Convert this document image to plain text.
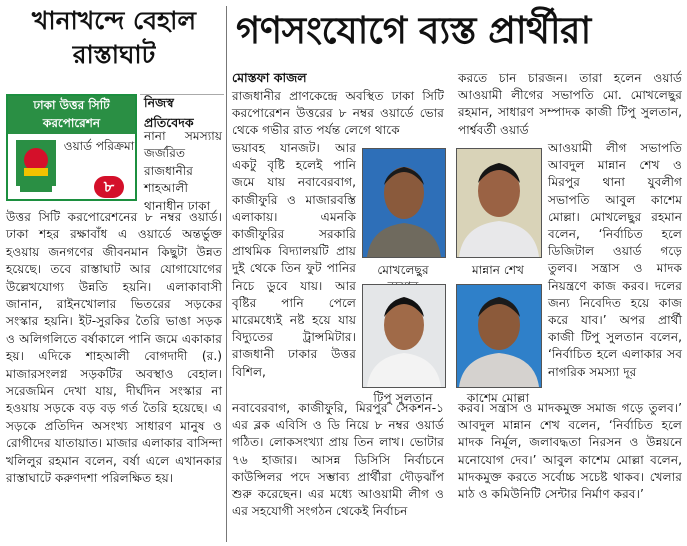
খানাখন্দে বেহাল
রাস্তাঘাট
ঢাকা উত্তর সিটি করপোরেশন
ওয়ার্ড পরিক্রমা
৮
নিজস্ব প্রতিবেদক
নানা সমস্যায় জর্জরিত রাজধানীর শাহআলী থানাধীন ঢাকা
উত্তর সিটি করপোরেশনের ৮ নম্বর ওয়ার্ড। ঢাকা শহর রক্ষাবাঁধ এ ওয়ার্ডে অন্তর্ভুক্ত হওয়ায় জনগণের জীবনমান কিছুটা উন্নত হয়েছে। তবে রাস্তাঘাট আর যোগাযোগের উল্লেখযোগ্য উন্নতি হয়নি। এলাকাবাসী জানান, রাইনখোলার ভিতরের সড়কের সংস্কার হয়নি। ইট-সুরকির তৈরি ভাঙা সড়ক ও অলিগলিতে বর্ষাকালে পানি জমে একাকার হয়। এদিকে শাহআলী বোগদাদী (র.) মাজারসংলগ্ন সড়কটির অবস্থাও বেহাল। সরেজমিন দেখা যায়, দীর্ঘদিন সংস্কার না হওয়ায় সড়কে বড় বড় গর্ত তৈরি হয়েছে। এ সড়কে প্রতিদিন অসংখ্য সাধারণ মানুষ ও রোগীদের যাতায়াত। মাজার এলাকার বাসিন্দা খলিলুর রহমান বলেন, বর্ষা এলে এখানকার রাস্তাঘাটে করুণদশা পরিলক্ষিত হয়।
গণসংযোগে ব্যস্ত প্রার্থীরা
মোস্তফা কাজল
রাজধানীর প্রাণকেন্দ্রে অবস্থিত ঢাকা সিটি করপোরেশন উত্তরের ৮ নম্বর ওয়ার্ডে ভোর থেকে গভীর রাত পর্যন্ত লেগে থাকে
ভয়াবহ যানজট। আর একটু বৃষ্টি হলেই পানি জমে যায় নবাবেরবাগ, কাজীফুরি ও মাজারবস্তি এলাকায়। এমনকি কাজীফুরির সরকারি প্রাথমিক বিদ্যালয়টি প্রায় দুই থেকে তিন ফুট পানির নিচে ডুবে যায়। আর বৃষ্টির পানি পেলে মারেমধ্যেই নষ্ট হয়ে যায় বিদ্যুতের ট্রান্সমিটার। রাজধানী ঢাকার উত্তর বিশিল,
নবাবেরবাগ, কাজীফুরি, মিরপুর সেকশন-১ এর ব্লক এবিসি ও ডি নিয়ে ৮ নম্বর ওয়ার্ড গঠিত। লোকসংখ্যা প্রায় তিন লাখ। ভোটার ৭৬ হাজার। আসন্ন ডিসিসি নির্বাচনে কাউন্সিলর পদে সম্ভাব্য প্রার্থীরা দৌড়ঝাঁপ শুরু করেছেন। এর মধ্যে আওয়ামী লীগ ও এর সহযোগী সংগঠন থেকেই নির্বাচন
করতে চান চারজন। তারা হলেন ওয়ার্ড আওয়ামী লীগের সভাপতি মো. মোখলেছুর রহমান, সাধারণ সম্পাদক কাজী টিপু সুলতান, পার্শ্ববর্তী ওয়ার্ড
আওয়ামী লীগ সভাপতি আবদুল মান্নান শেখ ও মিরপুর থানা যুবলীগ সভাপতি আবুল কাশেম মোল্লা। মোখলেছুর রহমান বলেন, ‘নির্বাচিত হলে ডিজিটাল ওয়ার্ড গড়ে তুলব। সন্ত্রাস ও মাদক নিয়ন্ত্রণে কাজ করব। দলের জন্য নিবেদিত হয়ে কাজ করে যাব।’ অপর প্রার্থী কাজী টিপু সুলতান বলেন, ‘নির্বাচিত হলে এলাকার সব নাগরিক সমস্যা দূর
করব। সন্ত্রাস ও মাদকমুক্ত সমাজ গড়ে তুলব।’ আবদুল মান্নান শেখ বলেন, ‘নির্বাচিত হলে মাদক নির্মূল, জলাবদ্ধতা নিরসন ও উন্নয়নে মনোযোগ দেব।’ আবুল কাশেম মোল্লা বলেন, মাদকমুক্ত করতে সর্বোচ্চ সচেষ্ট থাকব। খেলার মাঠ ও কমিউনিটি সেন্টার নির্মাণ করব।’
মোখলেছুর	মান্নান শেখ
টিপু সুলতান	কাশেম মোল্লা
